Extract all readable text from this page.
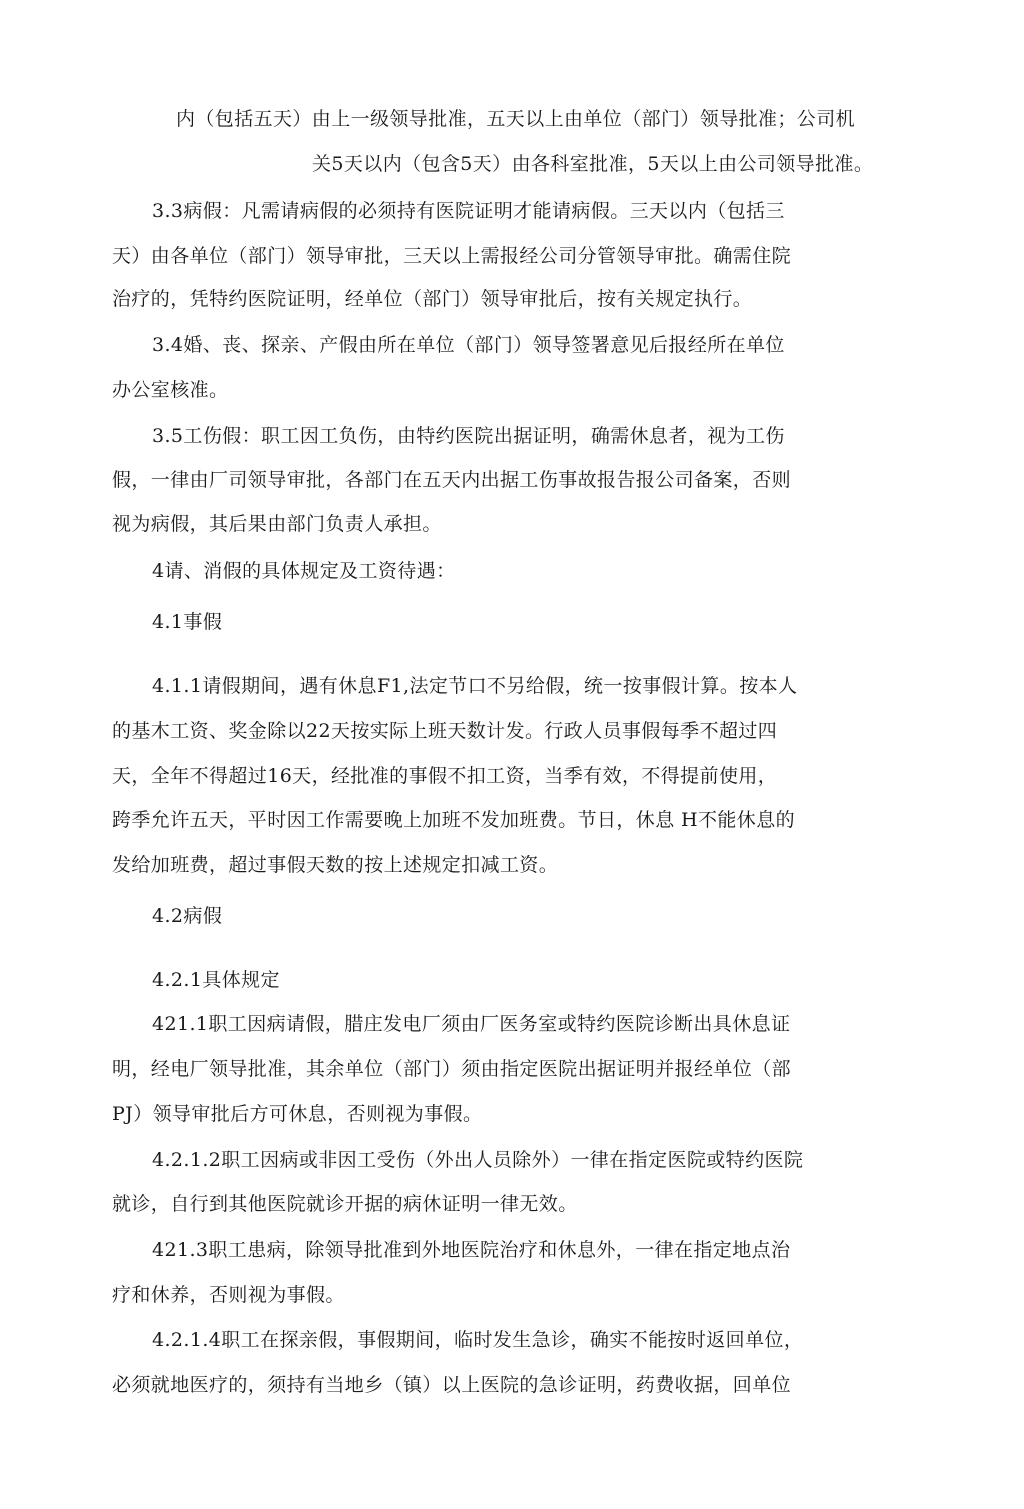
内（包括五天）由上一级领导批准，五天以上由单位（部门）领导批准；公司机
关5天以内（包含5天）由各科室批准，5天以上由公司领导批准。
3.3病假：凡需请病假的必须持有医院证明才能请病假。三天以内（包括三
天）由各单位（部门）领导审批，三天以上需报经公司分管领导审批。确需住院
治疗的，凭特约医院证明，经单位（部门）领导审批后，按有关规定执行。
3.4婚、丧、探亲、产假由所在单位（部门）领导签署意见后报经所在单位
办公室核准。
3.5工伤假：职工因工负伤，由特约医院出据证明，确需休息者，视为工伤
假，一律由厂司领导审批，各部门在五天内出据工伤事故报告报公司备案，否则
视为病假，其后果由部门负责人承担。
4请、消假的具体规定及工资待遇：
4.1事假
4.1.1请假期间，遇有休息F1,法定节口不另给假，统一按事假计算。按本人
的基木工资、奖金除以22天按实际上班天数计发。行政人员事假每季不超过四
天，全年不得超过16天，经批准的事假不扣工资，当季有效，不得提前使用，
跨季允许五天，平时因工作需要晚上加班不发加班费。节日，休息 H不能休息的
发给加班费，超过事假天数的按上述规定扣减工资。
4.2病假
4.2.1具体规定
421.1职工因病请假，腊庄发电厂须由厂医务室或特约医院诊断出具休息证
明，经电厂领导批准，其余单位（部门）须由指定医院出据证明并报经单位（部
PJ）领导审批后方可休息，否则视为事假。
4.2.1.2职工因病或非因工受伤（外出人员除外）一律在指定医院或特约医院
就诊，自行到其他医院就诊开据的病休证明一律无效。
421.3职工患病，除领导批准到外地医院治疗和休息外，一律在指定地点治
疗和休养，否则视为事假。
4.2.1.4职工在探亲假，事假期间，临时发生急诊，确实不能按时返回单位，
必须就地医疗的，须持有当地乡（镇）以上医院的急诊证明，药费收据，回单位
